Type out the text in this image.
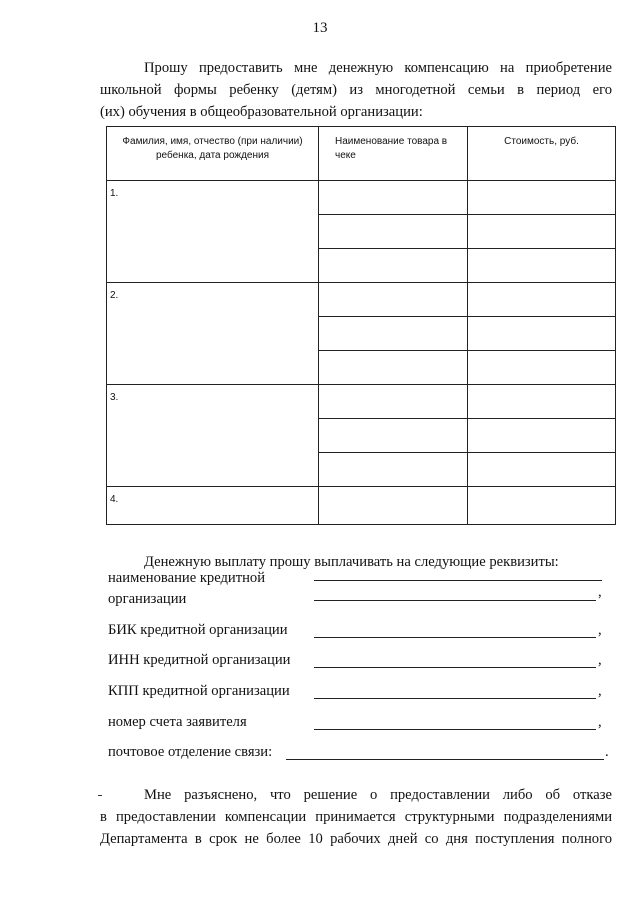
13
Прошу предоставить мне денежную компенсацию на приобретение
школьной формы ребенку (детям) из многодетной семьи в период его
(их) обучения в общеобразовательной организации:
Фамилия, имя, отчество (при наличии) ребенка, дата рождения	Наименование товара в чеке	Стоимость, руб.
1.		

2.		

3.		

4.		
Денежную выплату прошу выплачивать на следующие реквизиты:
наименование кредитной
организации	,
БИК кредитной организации	,
ИНН кредитной организации	,
КПП кредитной организации	,
номер счета заявителя	,
почтовое отделение связи:	.
Мне разъяснено, что решение о предоставлении либо об отказе
в предоставлении компенсации принимается структурными подразделениями
Департамента в срок не более 10 рабочих дней со дня поступления полного
